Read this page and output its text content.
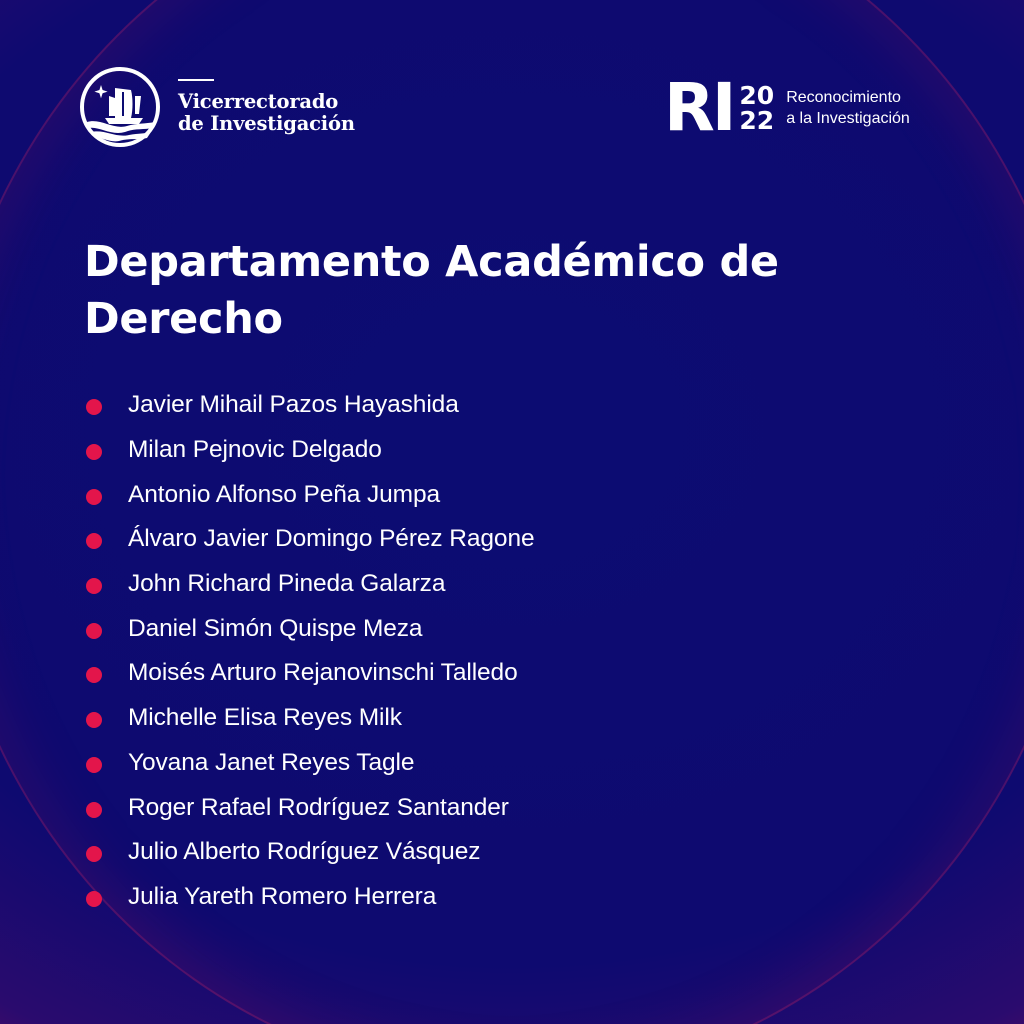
Vicerrectorado
de Investigación	RI 20
22
Reconocimiento
a la Investigación
Departamento Académico de
Derecho
Javier Mihail Pazos Hayashida
Milan Pejnovic Delgado
Antonio Alfonso Peña Jumpa
Álvaro Javier Domingo Pérez Ragone
John Richard Pineda Galarza
Daniel Simón Quispe Meza
Moisés Arturo Rejanovinschi Talledo
Michelle Elisa Reyes Milk
Yovana Janet Reyes Tagle
Roger Rafael Rodríguez Santander
Julio Alberto Rodríguez Vásquez
Julia Yareth Romero Herrera
